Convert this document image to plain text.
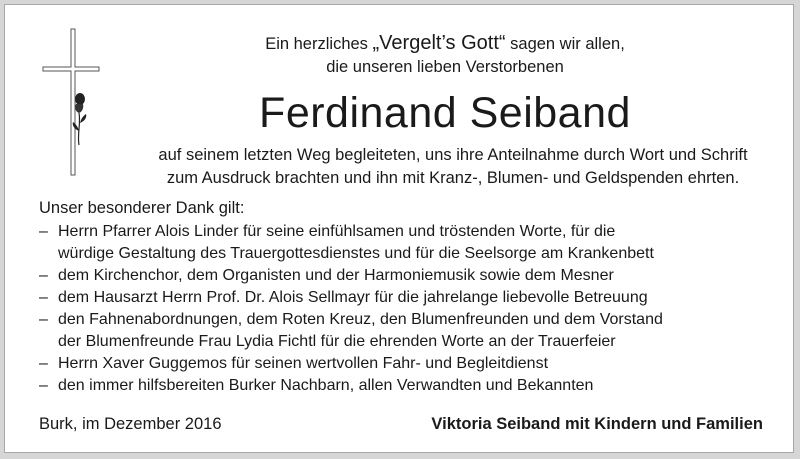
Ein herzliches „Vergelt’s Gott“ sagen wir allen,
die unseren lieben Verstorbenen
Ferdinand Seiband
auf seinem letzten Weg begleiteten, uns ihre Anteilnahme durch Wort und Schrift
zum Ausdruck brachten und ihn mit Kranz-, Blumen- und Geldspenden ehrten.
Unser besonderer Dank gilt:
– Herrn Pfarrer Alois Linder für seine einfühlsamen und tröstenden Worte, für die
würdige Gestaltung des Trauergottesdienstes und für die Seelsorge am Krankenbett
– dem Kirchenchor, dem Organisten und der Harmoniemusik sowie dem Mesner
– dem Hausarzt Herrn Prof. Dr. Alois Sellmayr für die jahrelange liebevolle Betreuung
– den Fahnenabordnungen, dem Roten Kreuz, den Blumenfreunden und dem Vorstand
der Blumenfreunde Frau Lydia Fichtl für die ehrenden Worte an der Trauerfeier
– Herrn Xaver Guggemos für seinen wertvollen Fahr- und Begleitdienst
– den immer hilfsbereiten Burker Nachbarn, allen Verwandten und Bekannten
Burk, im Dezember 2016	Viktoria Seiband mit Kindern und Familien
